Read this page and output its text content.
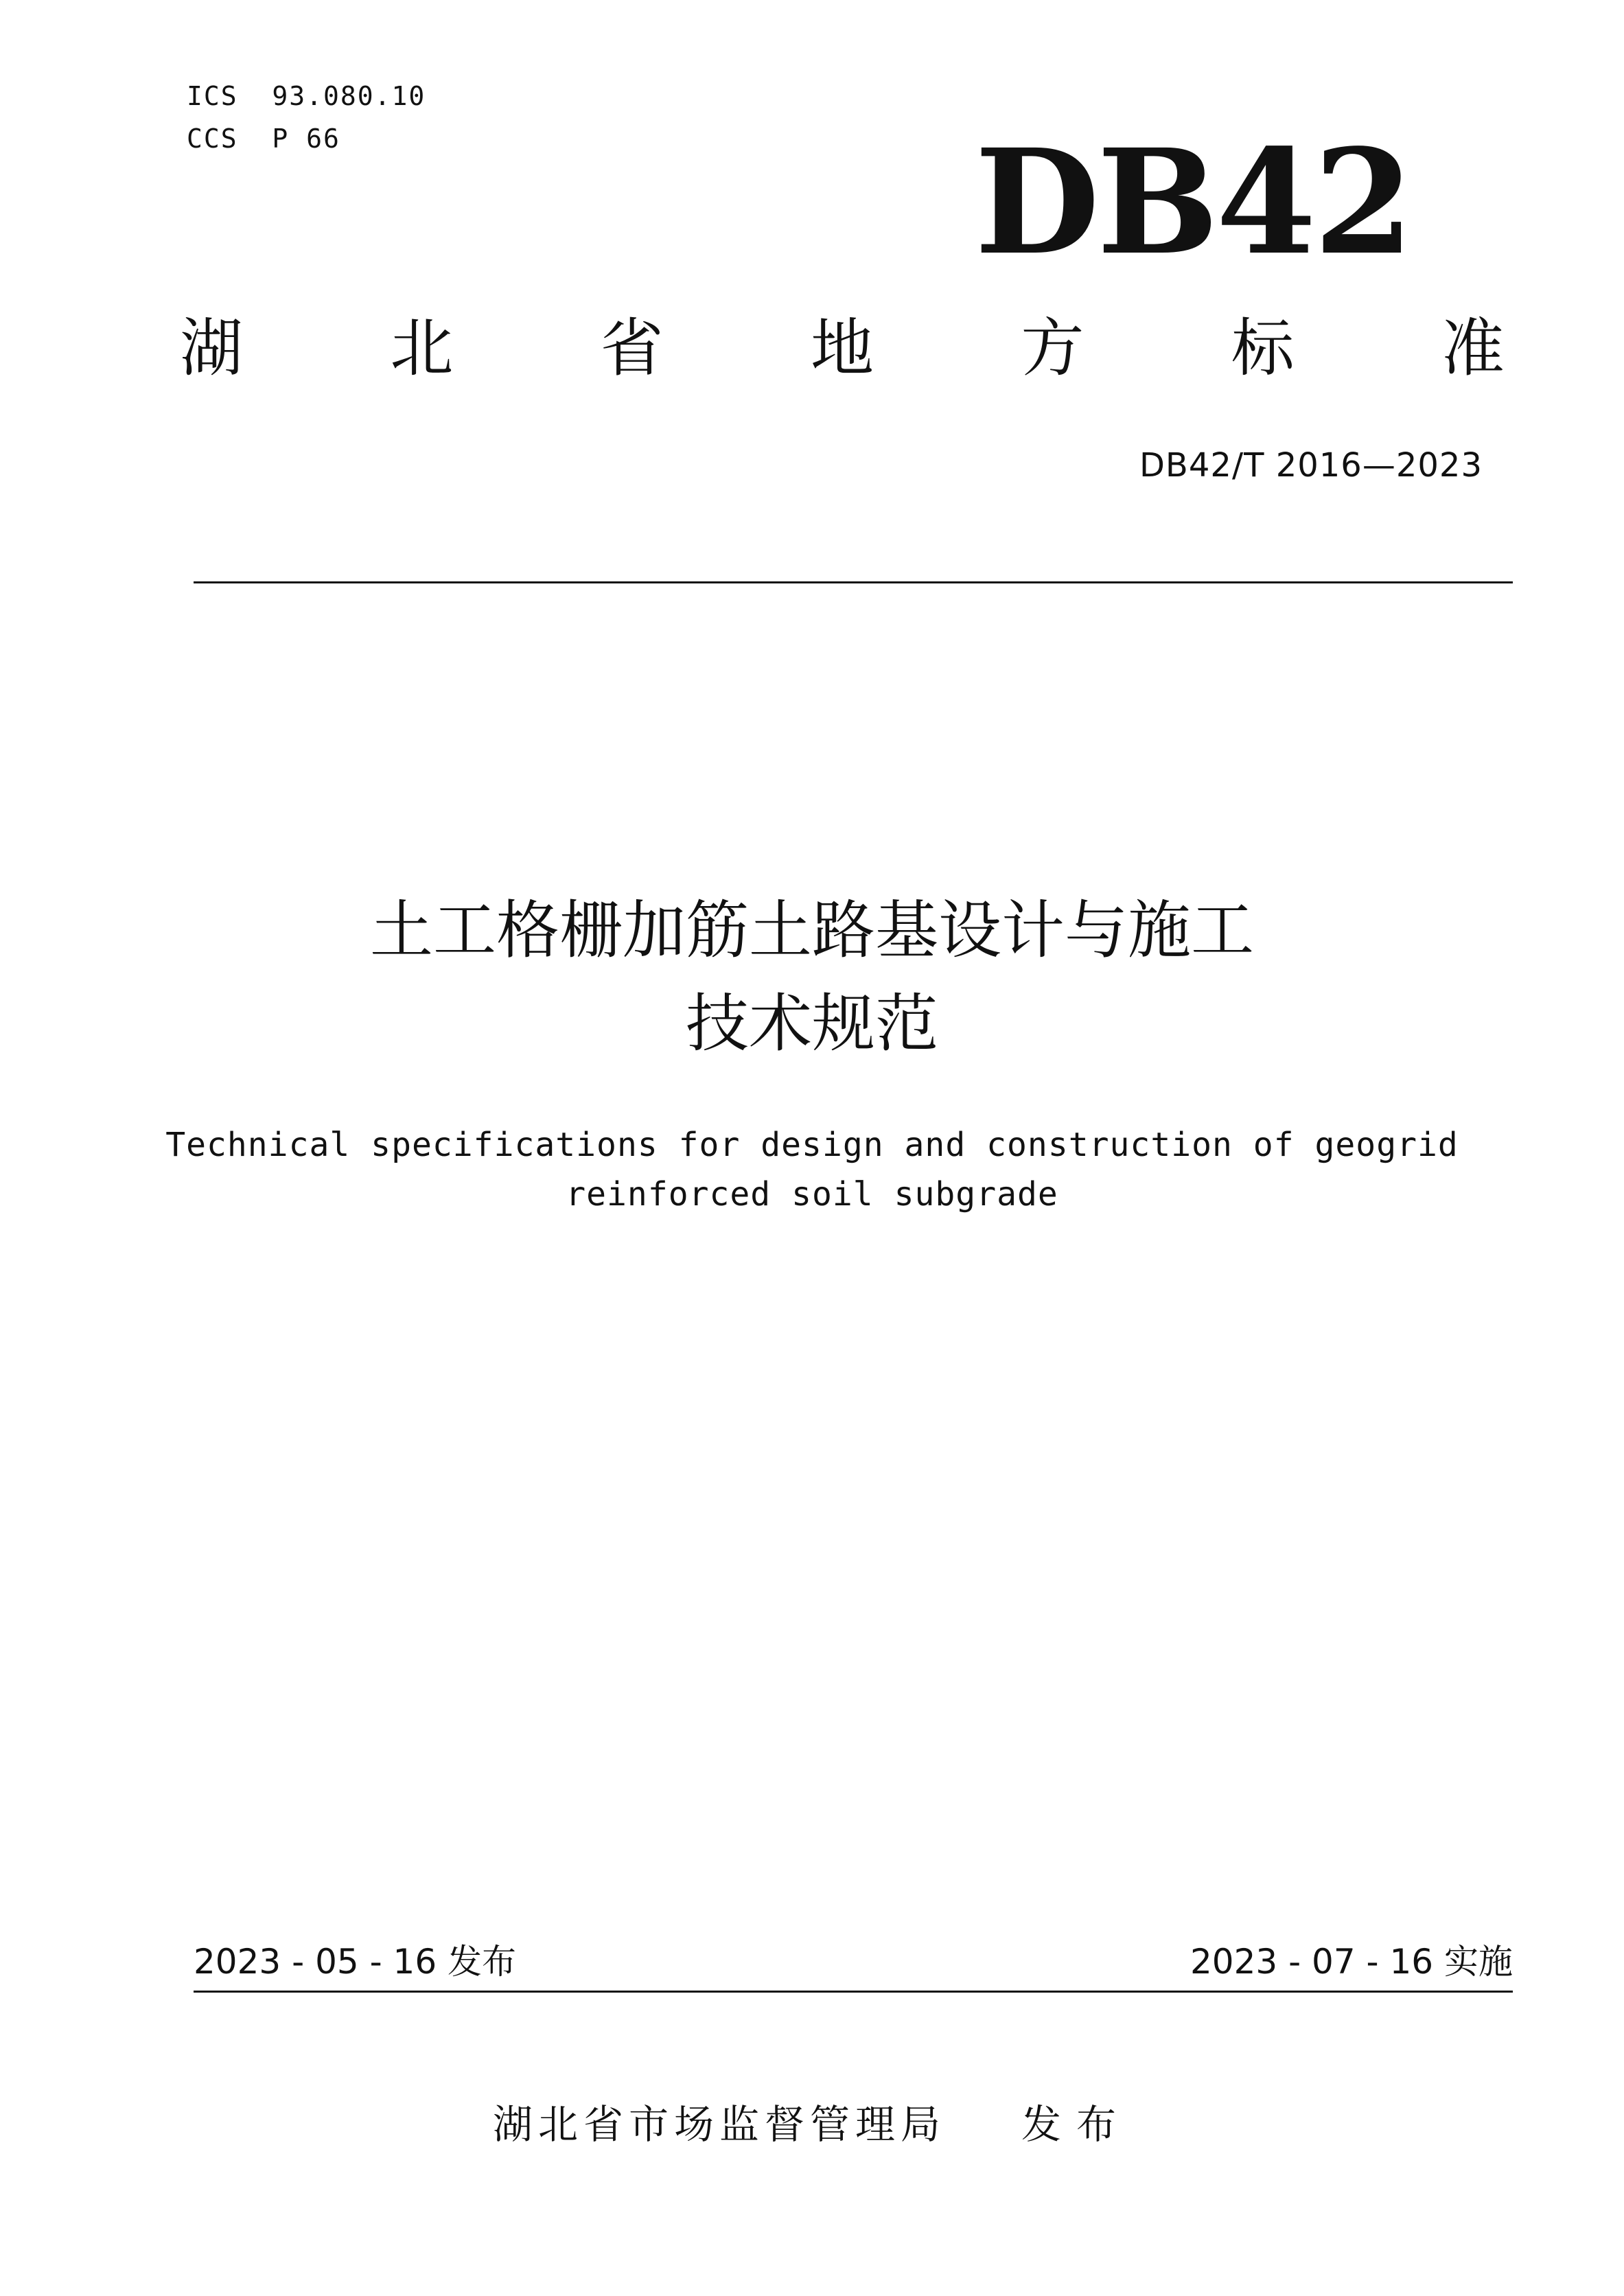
ICS  93.080.10
CCS  P 66	DB42
湖 北 省 地 方 标 准
DB42/T 2016—2023
土工格栅加筋土路基设计与施工
技术规范
Technical specifications for design and construction of geogrid
reinforced soil subgrade
2023 - 05 - 16 发布	2023 - 07 - 16 实施
湖北省市场监督管理局 发布
